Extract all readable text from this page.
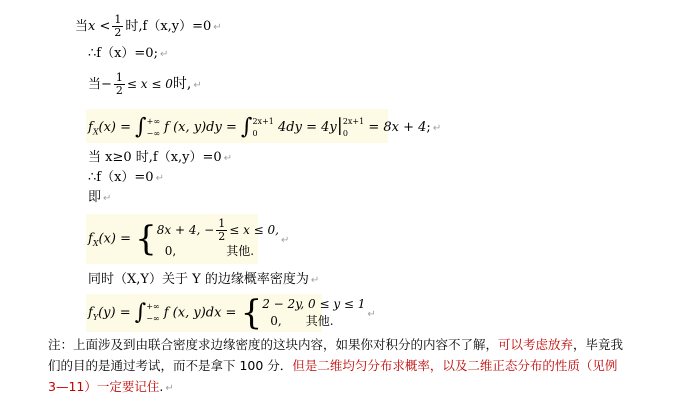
当$x < \frac{1}{2}$ 时,f（x,y）=0 ↵
∴f（x）=0; ↵
当− $\frac{1}{2} \le x \le 0$时, ↵
$f_X(x)$ = ∫ +∞
−∞ f (x, y)dy = ∫ 2x+1
0	4dy = 4y| 2x+1
0	= 8x + 4; ↵
当 x≥0 时,f（x,y）=0 ↵
∴f（x）=0 ↵
即 ↵
$f_X(x)$ = { 8x + 4, − $\frac{1}{2} \le x \le 0$,
0,	其他.
↵
同时（X,Y）关于 Y 的边缘概率密度为 ↵
$f_Y(y)$ = ∫ +∞
−∞ f (x, y)dx = { 2 − 2y, 0 ≤ y ≤ 1
0, 其他.	↵
注：上面涉及到由联合密度求边缘密度的这块内容，如果你对积分的内容不了解，可以考虑放弃，毕竟我们的目的是通过考试，而不是拿下 100 分．但是二维均匀分布求概率，以及二维正态分布的性质（见例 3—11）一定要记住. ↵
